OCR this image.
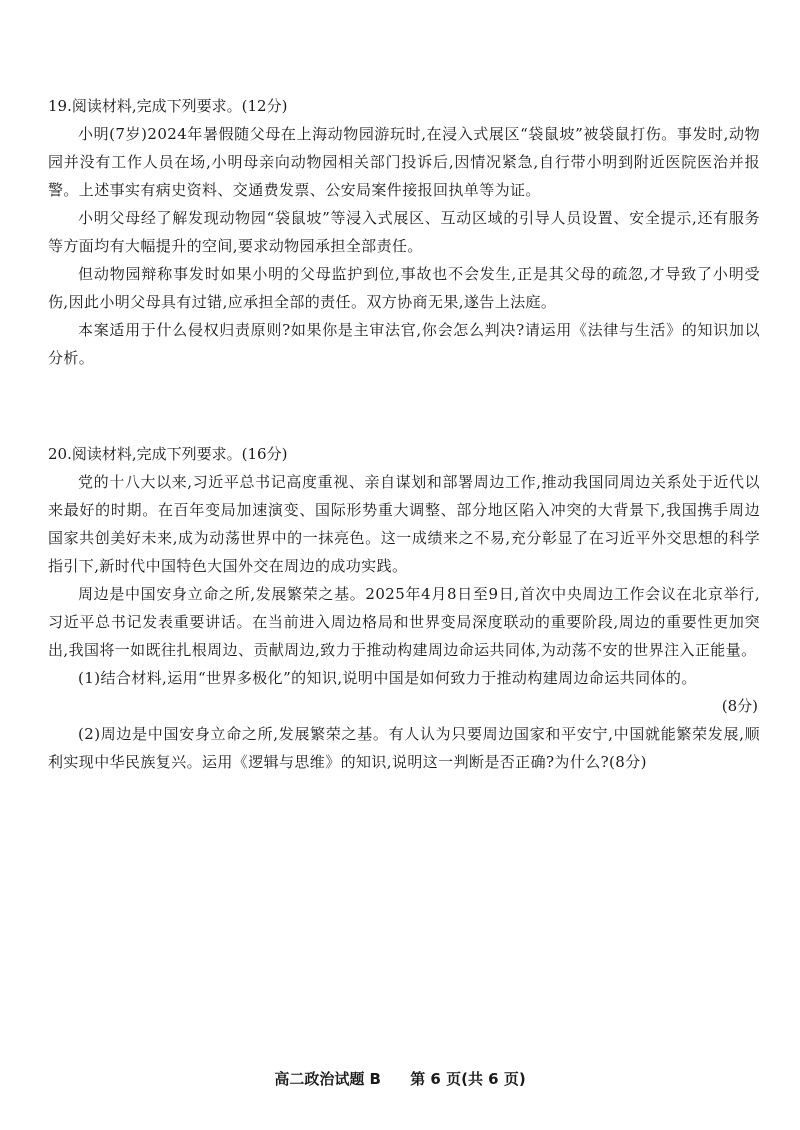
19.阅读材料,完成下列要求。(12分)

小明(7岁)2024年暑假随父母在上海动物园游玩时,在浸入式展区“袋鼠坡”被袋鼠打伤。事发时,动物园并没有工作人员在场,小明母亲向动物园相关部门投诉后,因情况紧急,自行带小明到附近医院医治并报警。上述事实有病史资料、交通费发票、公安局案件接报回执单等为证。

小明父母经了解发现动物园“袋鼠坡”等浸入式展区、互动区域的引导人员设置、安全提示,还有服务等方面均有大幅提升的空间,要求动物园承担全部责任。

但动物园辩称事发时如果小明的父母监护到位,事故也不会发生,正是其父母的疏忽,才导致了小明受伤,因此小明父母具有过错,应承担全部的责任。双方协商无果,遂告上法庭。

本案适用于什么侵权归责原则?如果你是主审法官,你会怎么判决?请运用《法律与生活》的知识加以分析。

20.阅读材料,完成下列要求。(16分)

党的十八大以来,习近平总书记高度重视、亲自谋划和部署周边工作,推动我国同周边关系处于近代以来最好的时期。在百年变局加速演变、国际形势重大调整、部分地区陷入冲突的大背景下,我国携手周边国家共创美好未来,成为动荡世界中的一抹亮色。这一成绩来之不易,充分彰显了在习近平外交思想的科学指引下,新时代中国特色大国外交在周边的成功实践。

周边是中国安身立命之所,发展繁荣之基。2025年4月8日至9日,首次中央周边工作会议在北京举行,习近平总书记发表重要讲话。在当前进入周边格局和世界变局深度联动的重要阶段,周边的重要性更加突出,我国将一如既往扎根周边、贡献周边,致力于推动构建周边命运共同体,为动荡不安的世界注入正能量。

(1)结合材料,运用“世界多极化”的知识,说明中国是如何致力于推动构建周边命运共同体的。

(8分)

(2)周边是中国安身立命之所,发展繁荣之基。有人认为只要周边国家和平安宁,中国就能繁荣发展,顺利实现中华民族复兴。运用《逻辑与思维》的知识,说明这一判断是否正确?为什么?(8分)

高二政治试题 B 第 6 页(共 6 页)
